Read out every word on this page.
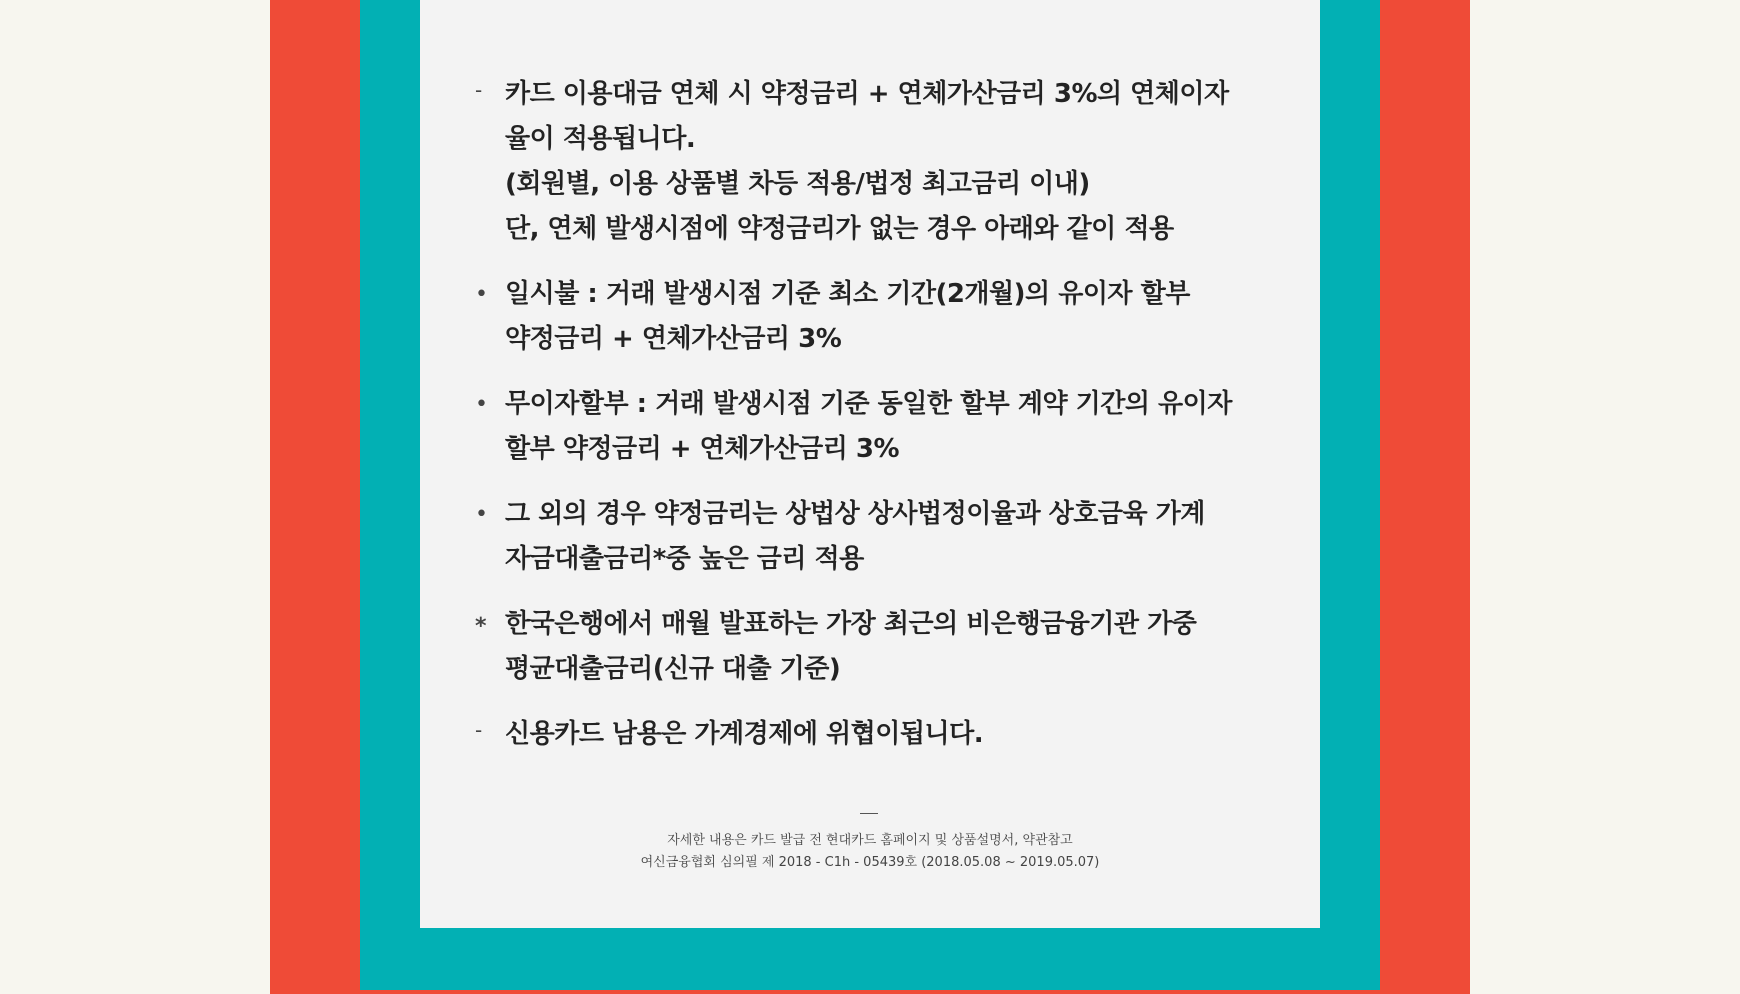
- 카드 이용대금 연체 시 약정금리 + 연체가산금리 3%의 연체이자
율이 적용됩니다.
(회원별, 이용 상품별 차등 적용/법정 최고금리 이내)
단, 연체 발생시점에 약정금리가 없는 경우 아래와 같이 적용
• 일시불 : 거래 발생시점 기준 최소 기간(2개월)의 유이자 할부
약정금리 + 연체가산금리 3%
• 무이자할부 : 거래 발생시점 기준 동일한 할부 계약 기간의 유이자
할부 약정금리 + 연체가산금리 3%
• 그 외의 경우 약정금리는 상법상 상사법정이율과 상호금육 가계
자금대출금리*중 높은 금리 적용
* 한국은행에서 매월 발표하는 가장 최근의 비은행금융기관 가중
평균대출금리(신규 대출 기준)
- 신용카드 남용은 가계경제에 위협이됩니다.
자세한 내용은 카드 발급 전 현대카드 홈페이지 및 상품설명서, 약관참고
여신금융협회 심의필 제 2018 - C1h - 05439호 (2018.05.08 ~ 2019.05.07)
